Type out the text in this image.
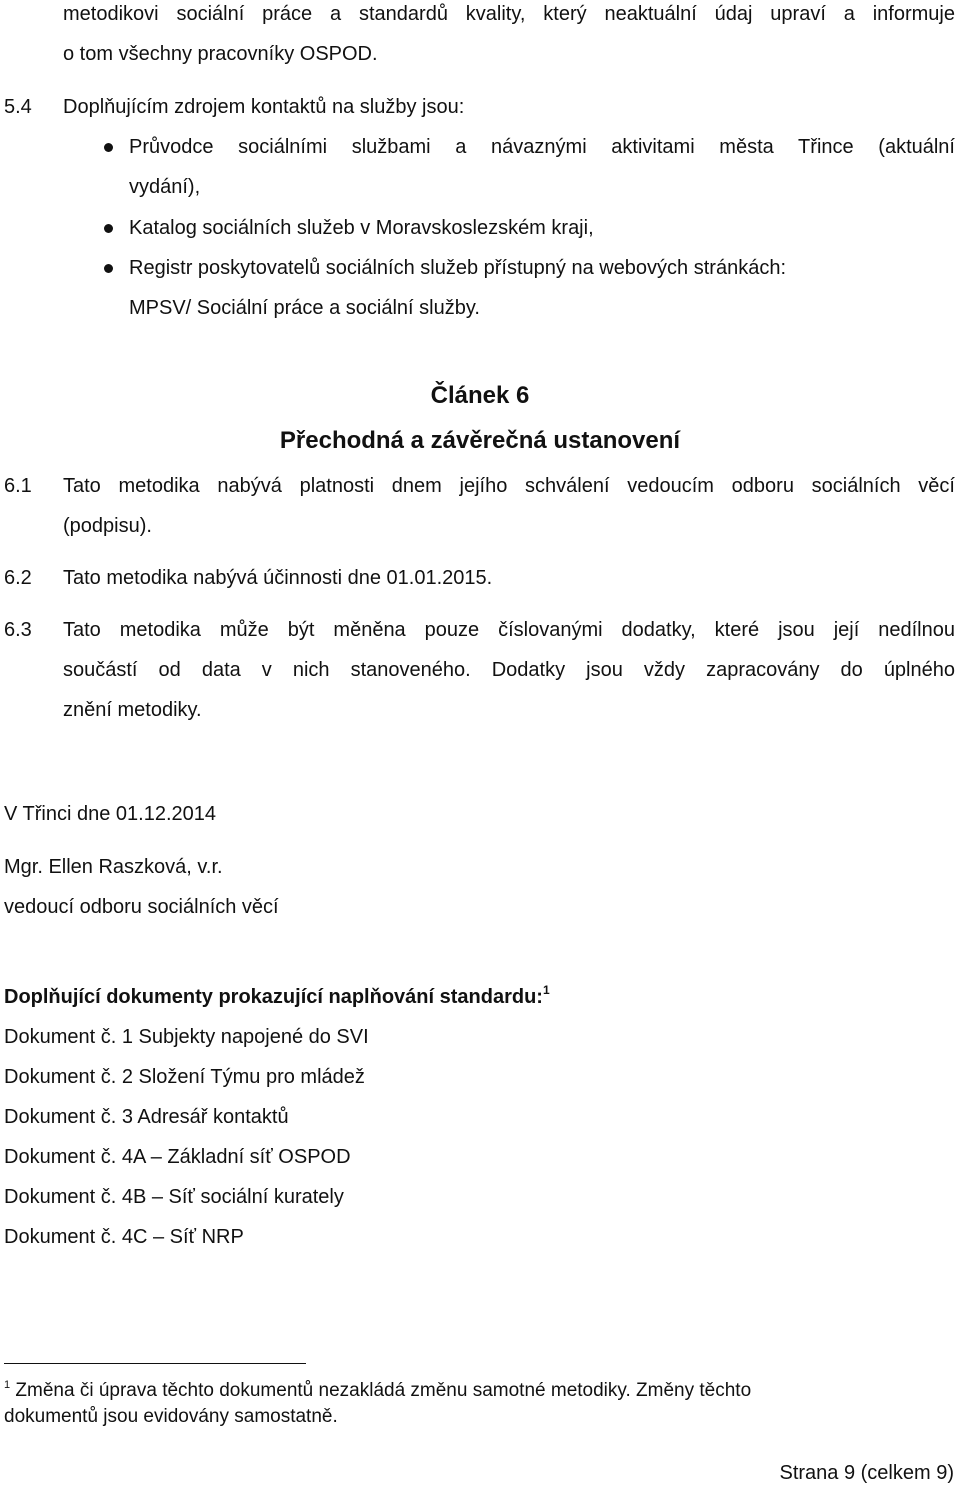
metodikovi sociální práce a standardů kvality, který neaktuální údaj upraví a informuje
o tom všechny pracovníky OSPOD.
5.4 Doplňujícím zdrojem kontaktů na služby jsou:
Průvodce sociálními službami a návaznými aktivitami města Třince (aktuální
vydání),
Katalog sociálních služeb v Moravskoslezském kraji,
Registr poskytovatelů sociálních služeb přístupný na webových stránkách:
MPSV/ Sociální práce a sociální služby.
Článek 6
Přechodná a závěrečná ustanovení
6.1 Tato metodika nabývá platnosti dnem jejího schválení vedoucím odboru sociálních věcí
(podpisu).
6.2 Tato metodika nabývá účinnosti dne 01.01.2015.
6.3 Tato metodika může být měněna pouze číslovanými dodatky, které jsou její nedílnou
součástí od data v nich stanoveného. Dodatky jsou vždy zapracovány do úplného
znění metodiky.
V Třinci dne 01.12.2014
Mgr. Ellen Raszková, v.r.
vedoucí odboru sociálních věcí
Doplňující dokumenty prokazující naplňování standardu:$^1$
Dokument č. 1 Subjekty napojené do SVI
Dokument č. 2 Složení Týmu pro mládež
Dokument č. 3 Adresář kontaktů
Dokument č. 4A – Základní síť OSPOD
Dokument č. 4B – Síť sociální kurately
Dokument č. 4C – Síť NRP
$^1$ Změna či úprava těchto dokumentů nezakládá změnu samotné metodiky. Změny těchto
dokumentů jsou evidovány samostatně.
Strana 9 (celkem 9)
